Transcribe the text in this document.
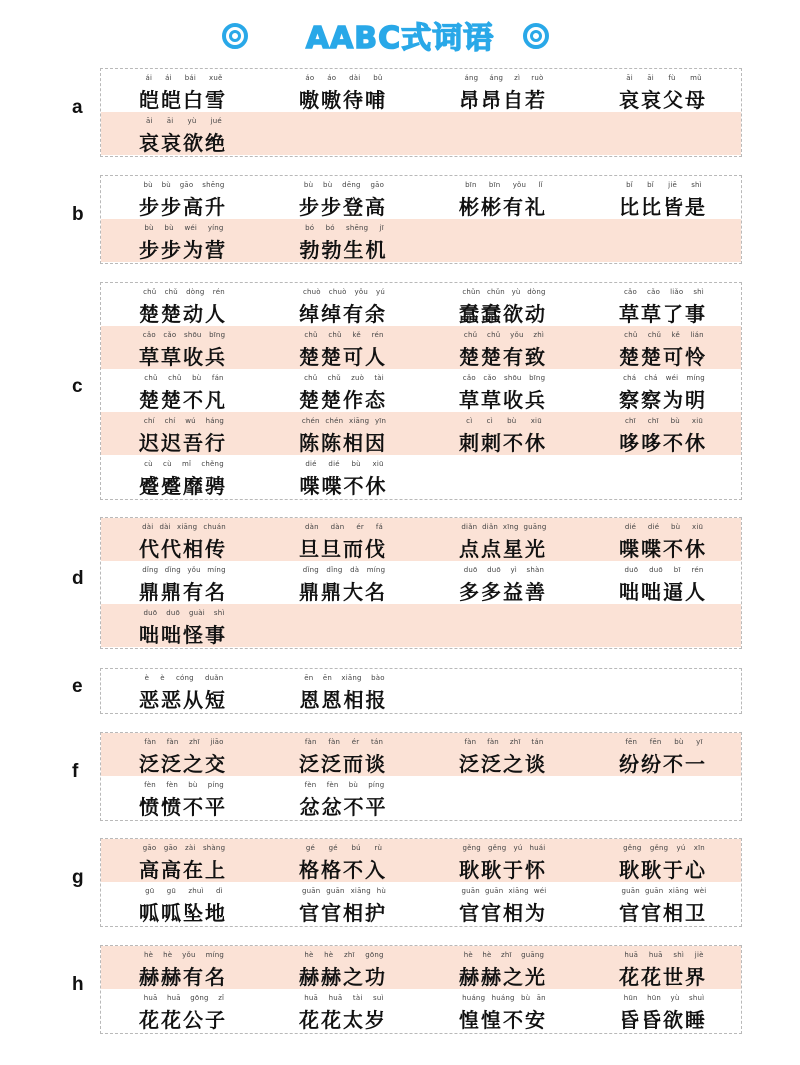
AABC式词语
a
ái ái bái xuě
皑皑白雪
áo áo dài bǔ
嗷嗷待哺
áng áng zì ruò
昂昂自若
āi āi fù mǔ
哀哀父母
āi āi yù jué
哀哀欲绝
b
bù bù gāo shēng
步步高升
bù bù dēng gāo
步步登高
bīn bīn yǒu lǐ
彬彬有礼
bǐ bǐ jiē shì
比比皆是
bù bù wéi yíng
步步为营
bó bó shēng jī
勃勃生机
c
chǔ chǔ dòng rén
楚楚动人
chuò chuò yǒu yú
绰绰有余
chǔn chǔn yù dòng
蠢蠢欲动
cǎo cǎo liǎo shì
草草了事
cǎo cǎo shōu bīng
草草收兵
chǔ chǔ kě rén
楚楚可人
chǔ chǔ yǒu zhì
楚楚有致
chǔ chǔ kě lián
楚楚可怜
chǔ chǔ bù fán
楚楚不凡
chǔ chǔ zuò tài
楚楚作态
cǎo cǎo shōu bīng
草草收兵
chá chá wéi míng
察察为明
chí chí wú háng
迟迟吾行
chén chén xiāng yīn
陈陈相因
cì cì bù xiū
刺刺不休
chī chī bù xiū
哆哆不休
cù cù mǐ chěng
蹙蹙靡骋
dié dié bù xiū
喋喋不休
d
dài dài xiāng chuán
代代相传
dàn dàn ér fá
旦旦而伐
diǎn diǎn xīng guāng
点点星光
dié dié bù xiū
喋喋不休
dǐng dǐng yǒu míng
鼎鼎有名
dǐng dǐng dà míng
鼎鼎大名
duō duō yì shàn
多多益善
duō duō bī rén
咄咄逼人
duō duō guài shì
咄咄怪事
e	è è cóng duǎn
恶恶从短
ēn ēn xiāng bào
恩恩相报
f
fàn fàn zhī jiāo
泛泛之交
fàn fàn ér tán
泛泛而谈
fàn fàn zhī tán
泛泛之谈
fēn fēn bù yī
纷纷不一
fèn fèn bù píng
愤愤不平
fèn fèn bù píng
忿忿不平
g
gāo gāo zài shàng
高高在上
gé gé bú rù
格格不入
gěng gěng yú huái
耿耿于怀
gěng gěng yú xīn
耿耿于心
gū gū zhuì dì
呱呱坠地
guān guān xiāng hù
官官相护
guān guān xiāng wéi
官官相为
guān guān xiāng wèi
官官相卫
h
hè hè yǒu míng
赫赫有名
hè hè zhī gōng
赫赫之功
hè hè zhī guāng
赫赫之光
huā huā shì jiè
花花世界
huā huā gōng zǐ
花花公子
huā huā tài suì
花花太岁
huáng huáng bù ān
惶惶不安
hūn hūn yù shuì
昏昏欲睡
